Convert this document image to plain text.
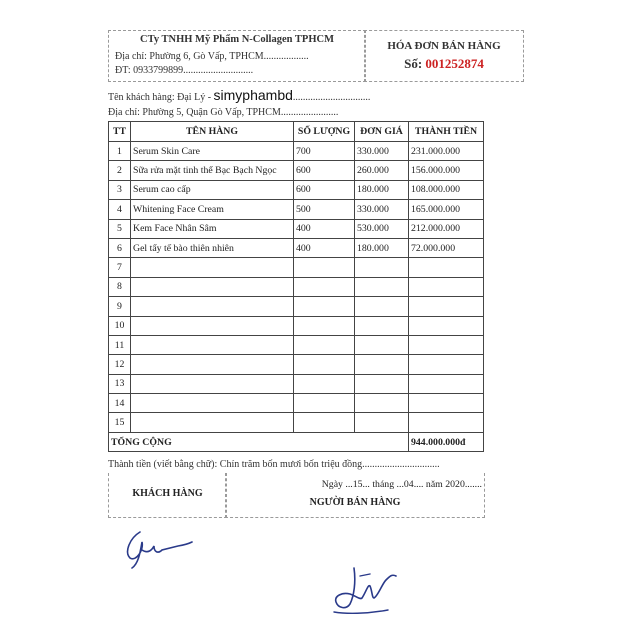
CTy TNHH Mỹ Phẩm N-Collagen TPHCM
Địa chỉ: Phường 6, Gò Vấp, TPHCM..................
ĐT: 0933799899............................
HÓA ĐƠN BÁN HÀNG
Số: 001252874
Tên khách hàng: Đại Lý - simyphambd...............................
Địa chỉ: Phường 5, Quận Gò Vấp, TPHCM.......................
TT	TÊN HÀNG	SỐ LƯỢNG	ĐƠN GIÁ	THÀNH TIỀN
1	Serum Skin Care	700	330.000	231.000.000
2	Sữa rửa mặt tinh thể Bạc Bạch Ngọc	600	260.000	156.000.000
3	Serum cao cấp	600	180.000	108.000.000
4	Whitening Face Cream	500	330.000	165.000.000
5	Kem Face Nhân Sâm	400	530.000	212.000.000
6	Gel tẩy tế bào thiên nhiên	400	180.000	72.000.000
7				
8				
9				
10				
11				
12				
13				
14				
15				
TỔNG CỘNG				944.000.000đ
Thành tiền (viết bằng chữ): Chín trăm bốn mươi bốn triệu đồng...............................
KHÁCH HÀNG
Ngày ...15... tháng ...04.... năm 2020.......
NGƯỜI BÁN HÀNG
